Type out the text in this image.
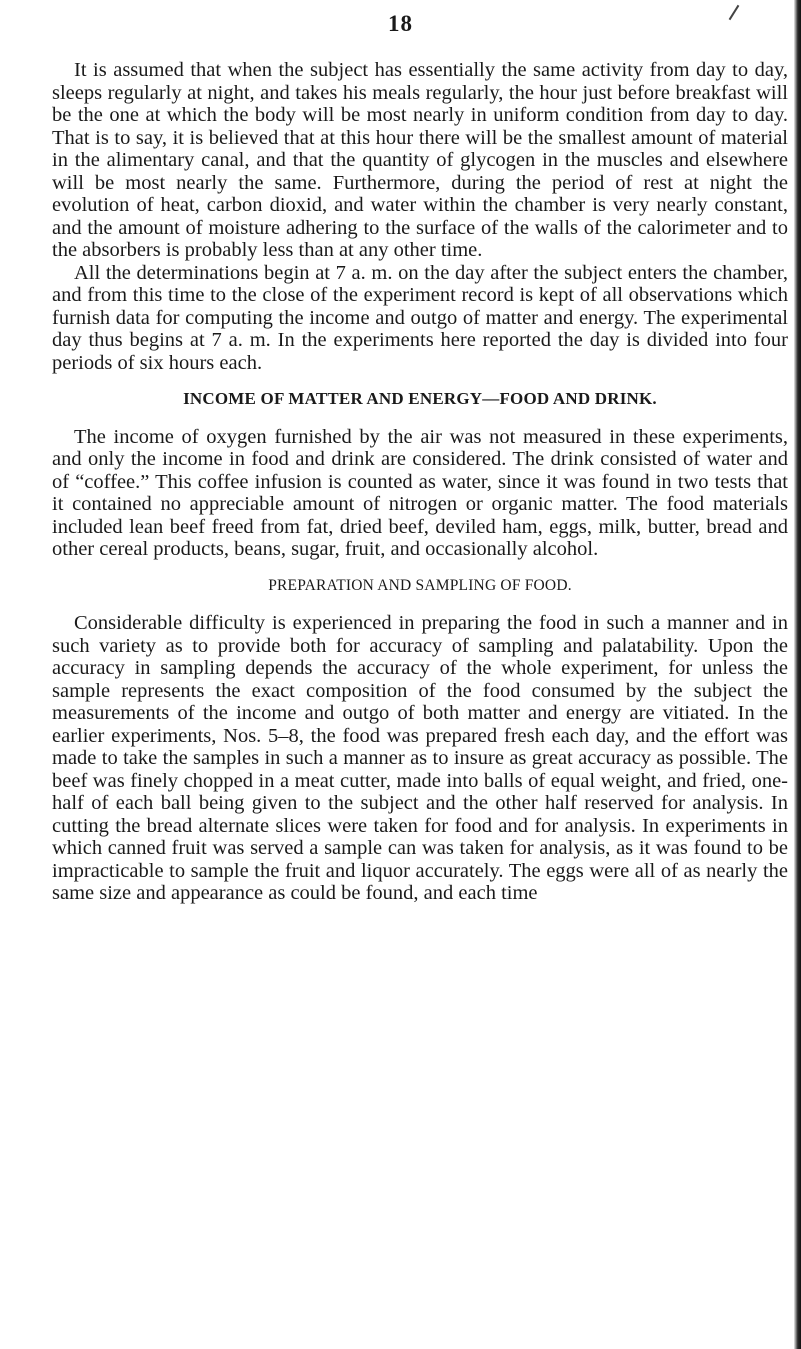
18

It is assumed that when the subject has essentially the same activity from day to day, sleeps regularly at night, and takes his meals regularly, the hour just before breakfast will be the one at which the body will be most nearly in uniform condition from day to day. That is to say, it is believed that at this hour there will be the smallest amount of material in the alimentary canal, and that the quantity of glycogen in the muscles and elsewhere will be most nearly the same. Furthermore, during the period of rest at night the evolution of heat, carbon dioxid, and water within the chamber is very nearly constant, and the amount of moisture adhering to the surface of the walls of the calorimeter and to the absorbers is probably less than at any other time.

All the determinations begin at 7 a. m. on the day after the subject enters the chamber, and from this time to the close of the experiment record is kept of all observations which furnish data for computing the income and outgo of matter and energy. The experimental day thus begins at 7 a. m. In the experiments here reported the day is divided into four periods of six hours each.

INCOME OF MATTER AND ENERGY—FOOD AND DRINK.

The income of oxygen furnished by the air was not measured in these experiments, and only the income in food and drink are considered. The drink consisted of water and of “coffee.” This coffee infusion is counted as water, since it was found in two tests that it contained no appreciable amount of nitrogen or organic matter. The food materials included lean beef freed from fat, dried beef, deviled ham, eggs, milk, butter, bread and other cereal products, beans, sugar, fruit, and occasionally alcohol.

PREPARATION AND SAMPLING OF FOOD.

Considerable difficulty is experienced in preparing the food in such a manner and in such variety as to provide both for accuracy of sampling and palatability. Upon the accuracy in sampling depends the accuracy of the whole experiment, for unless the sample represents the exact composition of the food consumed by the subject the measurements of the income and outgo of both matter and energy are vitiated. In the earlier experiments, Nos. 5–8, the food was prepared fresh each day, and the effort was made to take the samples in such a manner as to insure as great accuracy as possible. The beef was finely chopped in a meat cutter, made into balls of equal weight, and fried, one-half of each ball being given to the subject and the other half reserved for analysis. In cutting the bread alternate slices were taken for food and for analysis. In experiments in which canned fruit was served a sample can was taken for analysis, as it was found to be impracticable to sample the fruit and liquor accurately. The eggs were all of as nearly the same size and appearance as could be found, and each time
